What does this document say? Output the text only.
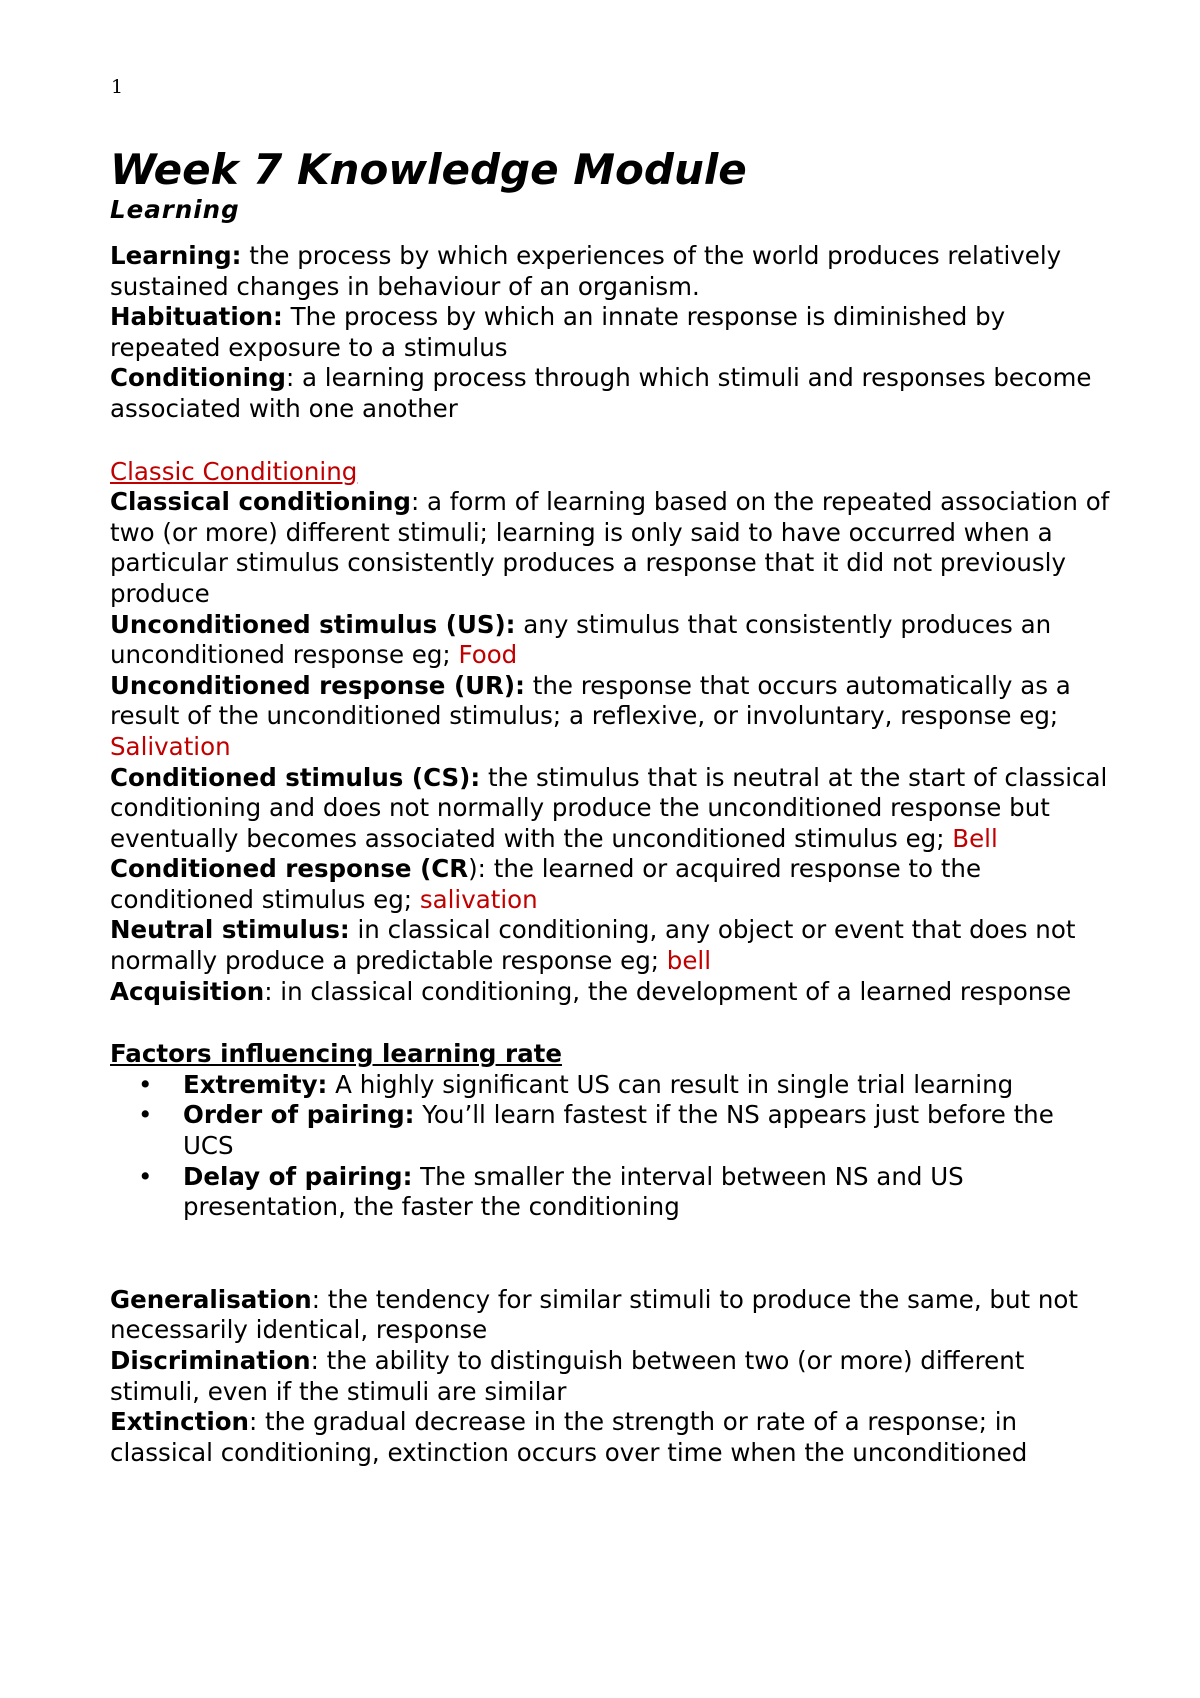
1
Week 7 Knowledge Module
Learning

Learning: the process by which experiences of the world produces relatively sustained changes in behaviour of an organism.

Habituation: The process by which an innate response is diminished by repeated exposure to a stimulus

Conditioning: a learning process through which stimuli and responses become associated with one another

Classic Conditioning

Classical conditioning: a form of learning based on the repeated association of two (or more) different stimuli; learning is only said to have occurred when a particular stimulus consistently produces a response that it did not previously produce

Unconditioned stimulus (US): any stimulus that consistently produces an unconditioned response eg; Food

Unconditioned response (UR): the response that occurs automatically as a result of the unconditioned stimulus; a reflexive, or involuntary, response eg; Salivation

Conditioned stimulus (CS): the stimulus that is neutral at the start of classical conditioning and does not normally produce the unconditioned response but eventually becomes associated with the unconditioned stimulus eg; Bell

Conditioned response (CR): the learned or acquired response to the conditioned stimulus eg; salivation

Neutral stimulus: in classical conditioning, any object or event that does not normally produce a predictable response eg; bell

Acquisition: in classical conditioning, the development of a learned response

Factors influencing learning rate

•	Extremity: A highly significant US can result in single trial learning
•	Order of pairing: You’ll learn fastest if the NS appears just before the UCS
•	Delay of pairing: The smaller the interval between NS and US presentation, the faster the conditioning

Generalisation: the tendency for similar stimuli to produce the same, but not necessarily identical, response

Discrimination: the ability to distinguish between two (or more) different stimuli, even if the stimuli are similar

Extinction: the gradual decrease in the strength or rate of a response; in classical conditioning, extinction occurs over time when the unconditioned
